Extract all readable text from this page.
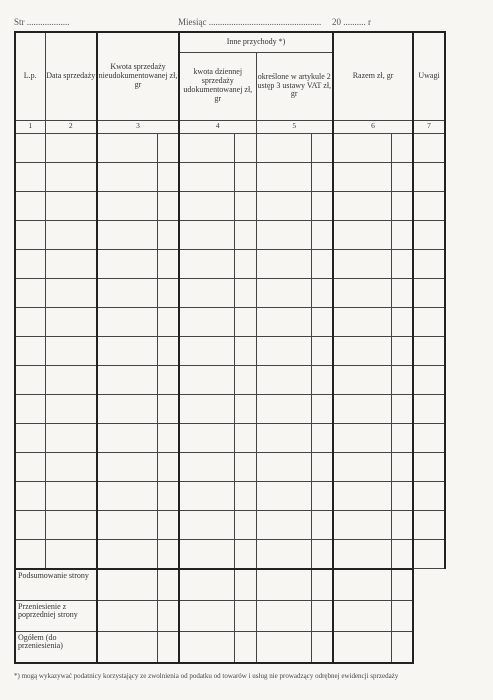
Str ...................	Miesiąc .................................................. 20 .......... r
L.p.	Data sprzedaży	Kwota sprzedaży nieudokumentowanej zł, gr		Inne przychody *)				Razem zł, gr		Uwagi
				kwota dziennej sprzedaży udokumentowanej zł, gr		określone w artykule 2 ustęp 3 ustawy VAT zł, gr				
1	2	3		4		5		6		7

Podsumowanie strony										
Przeniesienie z poprzedniej strony										
Ogółem (do przeniesienia)										
*) mogą wykazywać podatnicy korzystający ze zwolnienia od podatku od towarów i usług nie prowadzący odrębnej ewidencji sprzedaży
